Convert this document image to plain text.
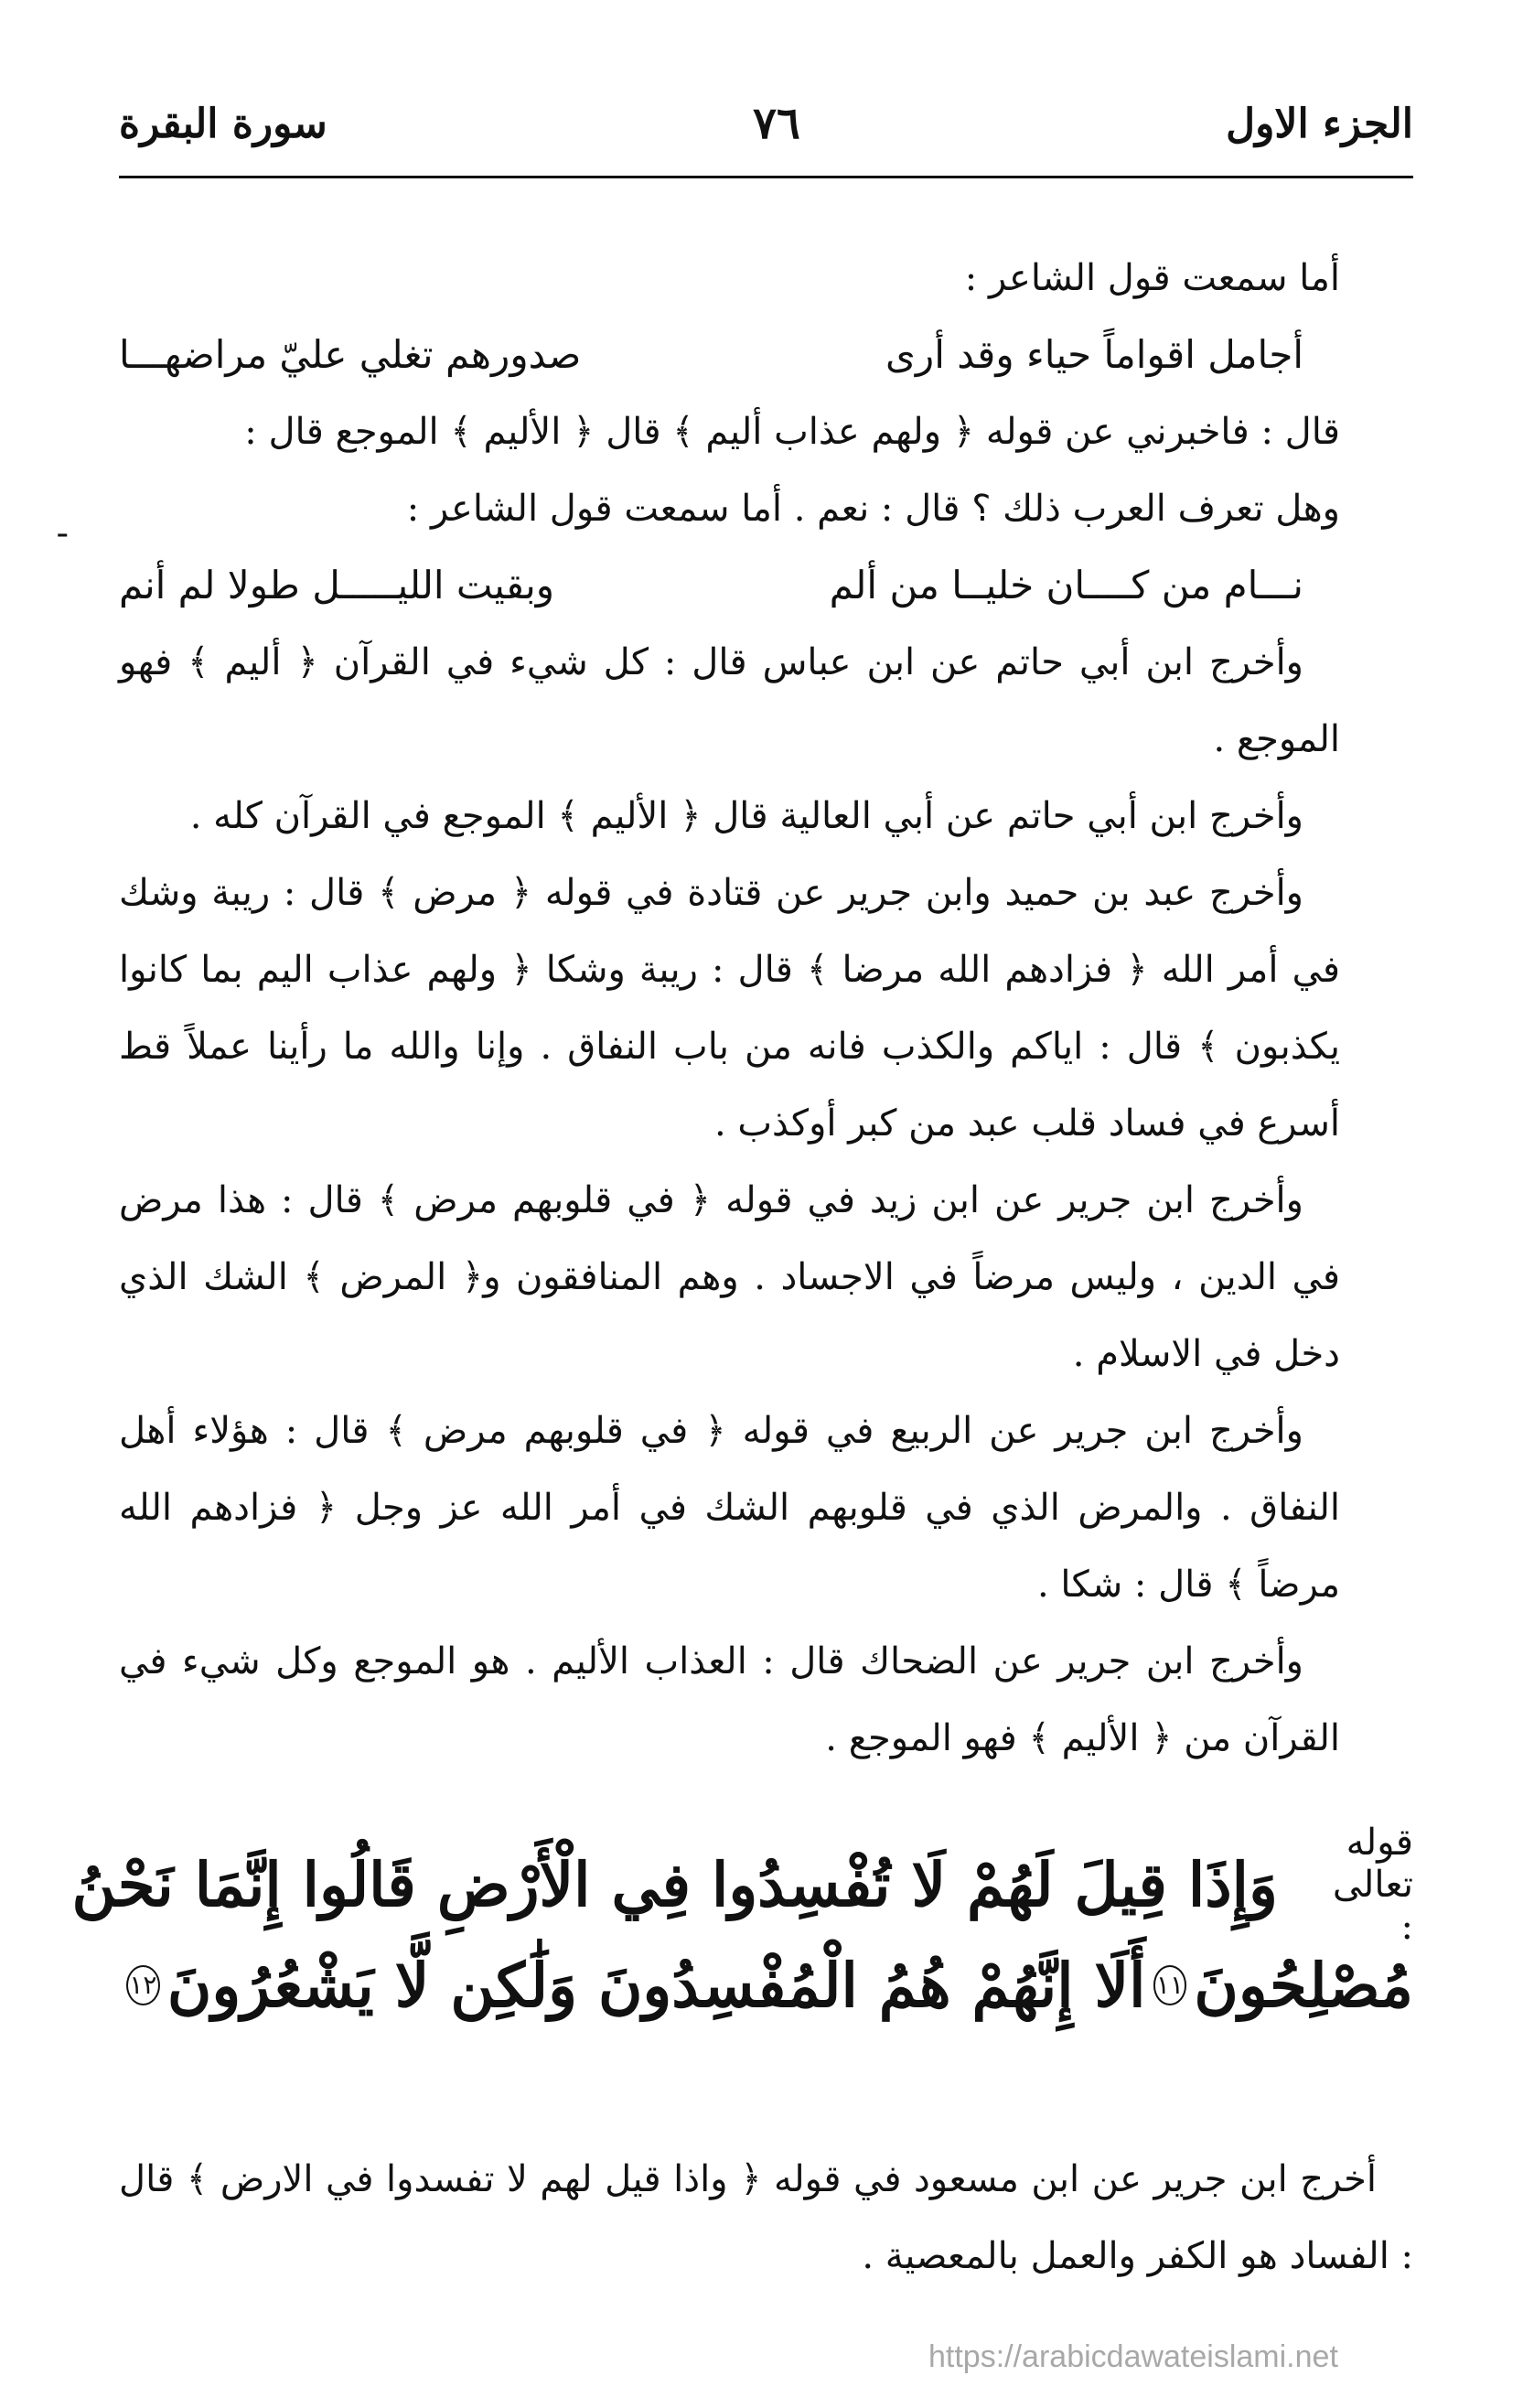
الجزء الاول
٧٦
سورة البقرة
-

أما سمعت قول الشاعر :

أجامل اقواماً حياء وقد أرى
صدورهم تغلي عليّ مراضهـــا

قال : فاخبرني عن قوله ﴿ ولهم عذاب أليم ﴾ قال ﴿ الأليم ﴾ الموجع قال :

وهل تعرف العرب ذلك ؟ قال : نعم . أما سمعت قول الشاعر :

نـــام من كــــان خليــا من ألم
وبقيت الليـــــل طولا لم أنم

وأخرج ابن أبي حاتم عن ابن عباس قال : كل شيء في القرآن ﴿ أليم ﴾ فهو الموجع .

وأخرج ابن أبي حاتم عن أبي العالية قال ﴿ الأليم ﴾ الموجع في القرآن كله .

وأخرج عبد بن حميد وابن جرير عن قتادة في قوله ﴿ مرض ﴾ قال : ريبة وشك في أمر الله ﴿ فزادهم الله مرضا ﴾ قال : ريبة وشكا ﴿ ولهم عذاب اليم بما كانوا يكذبون ﴾ قال : اياكم والكذب فانه من باب النفاق . وإنا والله ما رأينا عملاً قط أسرع في فساد قلب عبد من كبر أوكذب .

وأخرج ابن جرير عن ابن زيد في قوله ﴿ في قلوبهم مرض ﴾ قال : هذا مرض في الدين ، وليس مرضاً في الاجساد . وهم المنافقون و﴿ المرض ﴾ الشك الذي دخل في الاسلام .

وأخرج ابن جرير عن الربيع في قوله ﴿ في قلوبهم مرض ﴾ قال : هؤلاء أهل النفاق . والمرض الذي في قلوبهم الشك في أمر الله عز وجل ﴿ فزادهم الله مرضاً ﴾ قال : شكا .

وأخرج ابن جرير عن الضحاك قال : العذاب الأليم . هو الموجع وكل شيء في القرآن من ﴿ الأليم ﴾ فهو الموجع .

قوله تعالى :
وَإِذَا قِيلَ لَهُمْ لَا تُفْسِدُوا فِي الْأَرْضِ قَالُوا إِنَّمَا نَحْنُ
مُصْلِحُونَ
١١
أَلَا إِنَّهُمْ هُمُ الْمُفْسِدُونَ وَلَٰكِن لَّا يَشْعُرُونَ
١٢

أخرج ابن جرير عن ابن مسعود في قوله ﴿ واذا قيل لهم لا تفسدوا في الارض ﴾ قال : الفساد هو الكفر والعمل بالمعصية .

https://arabicdawateislami.net
